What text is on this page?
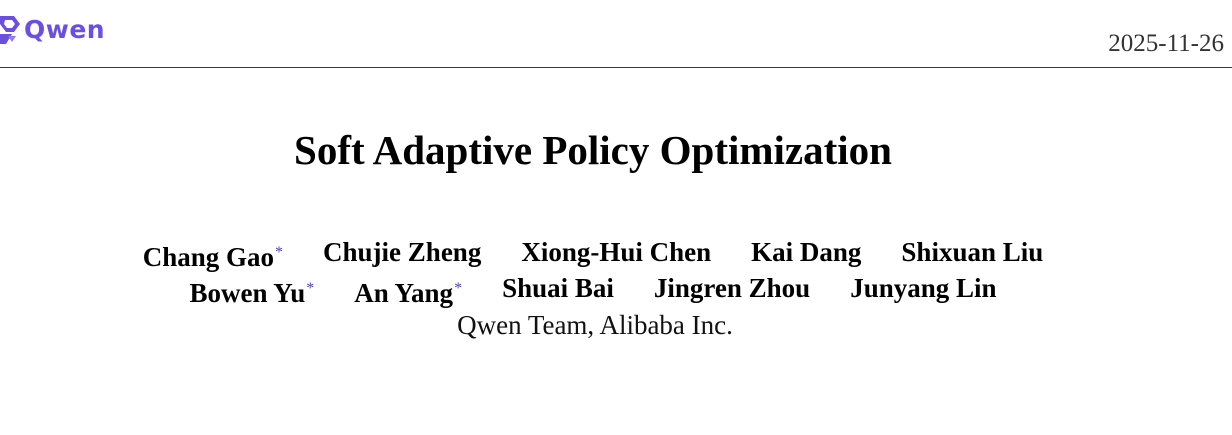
Qwen	2025-11-26
Soft Adaptive Policy Optimization
Chang Gao* Chujie Zheng Xiong-Hui Chen Kai Dang Shixuan Liu
Bowen Yu* An Yang* Shuai Bai Jingren Zhou Junyang Lin
Qwen Team, Alibaba Inc.
